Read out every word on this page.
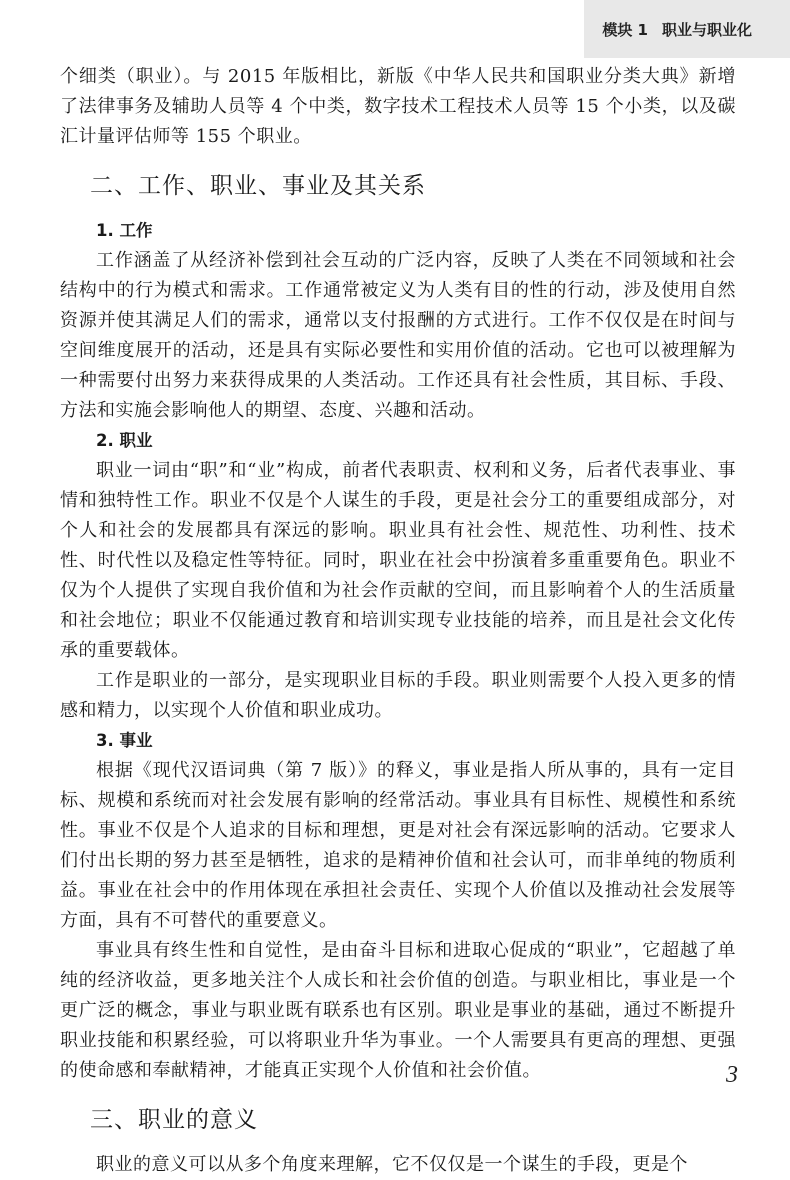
模块 1 职业与职业化

个细类（职业）。与 2015 年版相比，新版《中华人民共和国职业分类大典》新增了法律事务及辅助人员等 4 个中类，数字技术工程技术人员等 15 个小类，以及碳汇计量评估师等 155 个职业。

二、工作、职业、事业及其关系
1. 工作

工作涵盖了从经济补偿到社会互动的广泛内容，反映了人类在不同领域和社会结构中的行为模式和需求。工作通常被定义为人类有目的性的行动，涉及使用自然资源并使其满足人们的需求，通常以支付报酬的方式进行。工作不仅仅是在时间与空间维度展开的活动，还是具有实际必要性和实用价值的活动。它也可以被理解为一种需要付出努力来获得成果的人类活动。工作还具有社会性质，其目标、手段、方法和实施会影响他人的期望、态度、兴趣和活动。

2. 职业

职业一词由“职”和“业”构成，前者代表职责、权利和义务，后者代表事业、事情和独特性工作。职业不仅是个人谋生的手段，更是社会分工的重要组成部分，对个人和社会的发展都具有深远的影响。职业具有社会性、规范性、功利性、技术性、时代性以及稳定性等特征。同时，职业在社会中扮演着多重重要角色。职业不仅为个人提供了实现自我价值和为社会作贡献的空间，而且影响着个人的生活质量和社会地位；职业不仅能通过教育和培训实现专业技能的培养，而且是社会文化传承的重要载体。

工作是职业的一部分，是实现职业目标的手段。职业则需要个人投入更多的情感和精力，以实现个人价值和职业成功。

3. 事业

根据《现代汉语词典（第 7 版）》的释义，事业是指人所从事的，具有一定目标、规模和系统而对社会发展有影响的经常活动。事业具有目标性、规模性和系统性。事业不仅是个人追求的目标和理想，更是对社会有深远影响的活动。它要求人们付出长期的努力甚至是牺牲，追求的是精神价值和社会认可，而非单纯的物质利益。事业在社会中的作用体现在承担社会责任、实现个人价值以及推动社会发展等方面，具有不可替代的重要意义。

事业具有终生性和自觉性，是由奋斗目标和进取心促成的“职业”，它超越了单纯的经济收益，更多地关注个人成长和社会价值的创造。与职业相比，事业是一个更广泛的概念，事业与职业既有联系也有区别。职业是事业的基础，通过不断提升职业技能和积累经验，可以将职业升华为事业。一个人需要具有更高的理想、更强的使命感和奉献精神，才能真正实现个人价值和社会价值。

三、职业的意义

职业的意义可以从多个角度来理解，它不仅仅是一个谋生的手段，更是个

3
